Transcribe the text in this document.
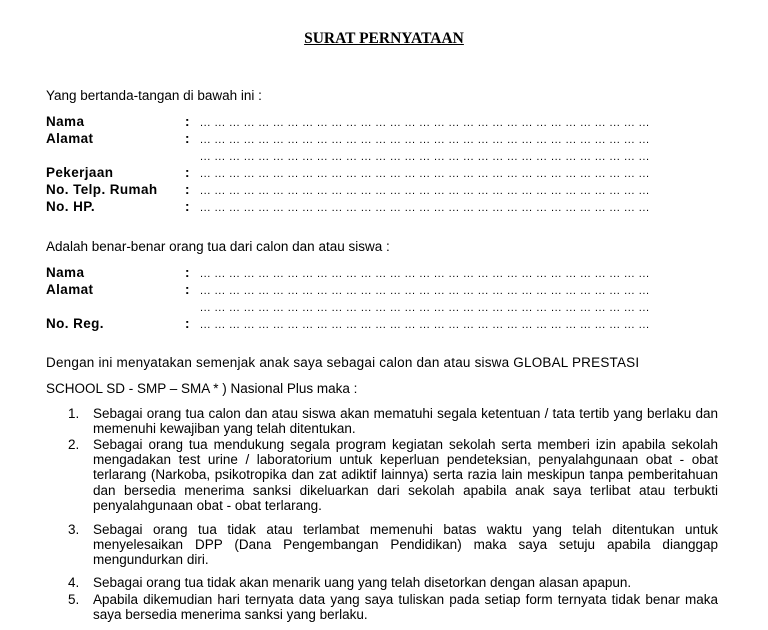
SURAT PERNYATAAN
Yang bertanda-tangan di bawah ini :
Nama	: ... ... ... ... ... ... ... ... ... ... ... ... ... ... ... ... ... ... ... ... ... ... ... ... ... ... ... ... ... ... ...
Alamat	: ... ... ... ... ... ... ... ... ... ... ... ... ... ... ... ... ... ... ... ... ... ... ... ... ... ... ... ... ... ... ...
... ... ... ... ... ... ... ... ... ... ... ... ... ... ... ... ... ... ... ... ... ... ... ... ... ... ... ... ... ... ...
Pekerjaan	: ... ... ... ... ... ... ... ... ... ... ... ... ... ... ... ... ... ... ... ... ... ... ... ... ... ... ... ... ... ... ...
No. Telp. Rumah : ... ... ... ... ... ... ... ... ... ... ... ... ... ... ... ... ... ... ... ... ... ... ... ... ... ... ... ... ... ... ...
No. HP.	: ... ... ... ... ... ... ... ... ... ... ... ... ... ... ... ... ... ... ... ... ... ... ... ... ... ... ... ... ... ... ...
Adalah benar-benar orang tua dari calon dan atau siswa :
Nama	: ... ... ... ... ... ... ... ... ... ... ... ... ... ... ... ... ... ... ... ... ... ... ... ... ... ... ... ... ... ... ...
Alamat	: ... ... ... ... ... ... ... ... ... ... ... ... ... ... ... ... ... ... ... ... ... ... ... ... ... ... ... ... ... ... ...
... ... ... ... ... ... ... ... ... ... ... ... ... ... ... ... ... ... ... ... ... ... ... ... ... ... ... ... ... ... ...
No. Reg.	: ... ... ... ... ... ... ... ... ... ... ... ... ... ... ... ... ... ... ... ... ... ... ... ... ... ... ... ... ... ... ...
Dengan ini menyatakan semenjak anak saya sebagai calon dan atau siswa GLOBAL PRESTASI
SCHOOL SD - SMP – SMA * ) Nasional Plus maka :
1. Sebagai orang tua calon dan atau siswa akan mematuhi segala ketentuan / tata tertib yang berlaku dan memenuhi kewajiban yang telah ditentukan.
2. Sebagai orang tua mendukung segala program kegiatan sekolah serta memberi izin apabila sekolah mengadakan test urine / laboratorium untuk keperluan pendeteksian, penyalahgunaan obat - obat terlarang (Narkoba, psikotropika dan zat adiktif lainnya) serta razia lain meskipun tanpa pemberitahuan dan bersedia menerima sanksi dikeluarkan dari sekolah apabila anak saya terlibat atau terbukti penyalahgunaan obat - obat terlarang.
3. Sebagai orang tua tidak atau terlambat memenuhi batas waktu yang telah ditentukan untuk menyelesaikan DPP (Dana Pengembangan Pendidikan) maka saya setuju apabila dianggap mengundurkan diri.
4. Sebagai orang tua tidak akan menarik uang yang telah disetorkan dengan alasan apapun.
5. Apabila dikemudian hari ternyata data yang saya tuliskan pada setiap form ternyata tidak benar maka saya bersedia menerima sanksi yang berlaku.
